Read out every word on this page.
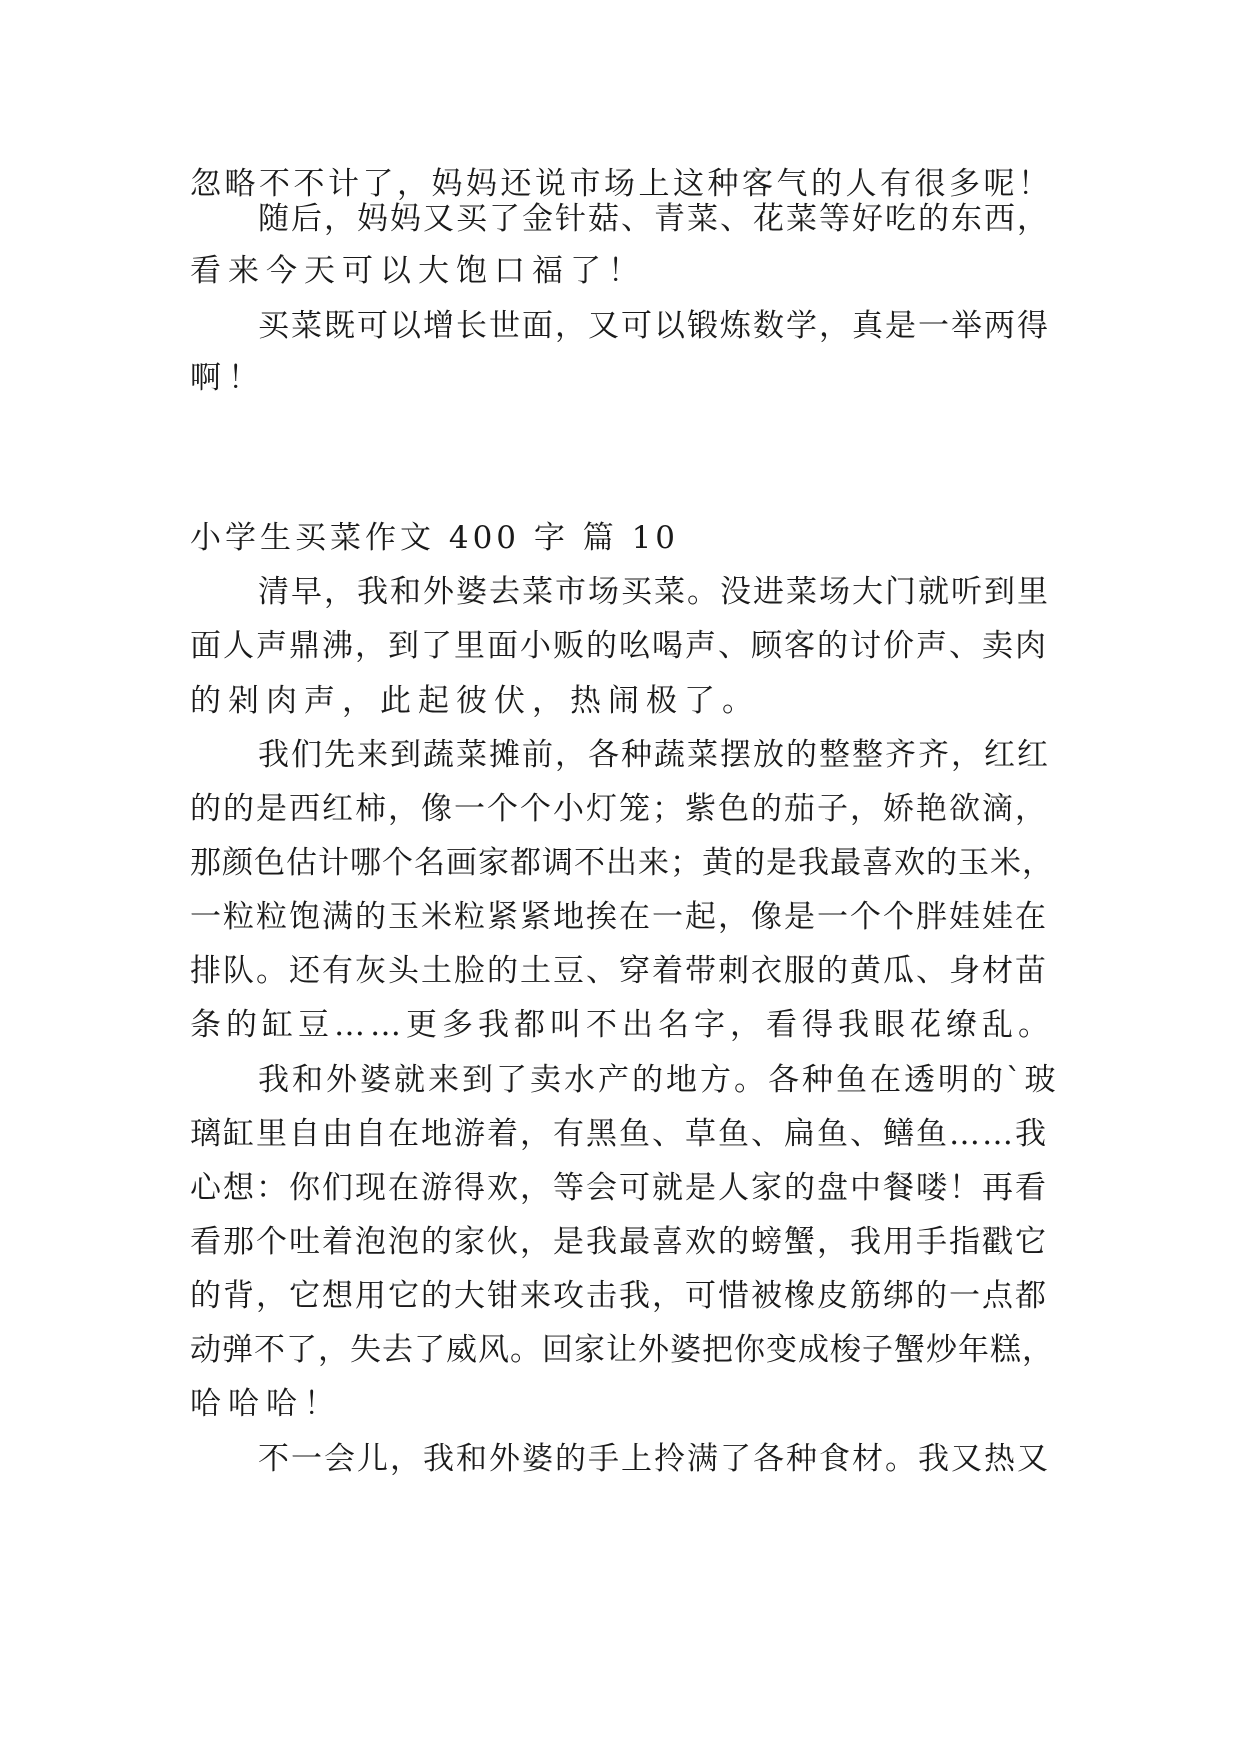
忽略不不计了，妈妈还说市场上这种客气的人有很多呢！
随后，妈妈又买了金针菇、青菜、花菜等好吃的东西，
看来今天可以大饱口福了！
买菜既可以增长世面，又可以锻炼数学，真是一举两得
啊！
小学生买菜作文 400 字 篇 10
清早，我和外婆去菜市场买菜。没进菜场大门就听到里
面人声鼎沸，到了里面小贩的吆喝声、顾客的讨价声、卖肉
的剁肉声，此起彼伏，热闹极了。
我们先来到蔬菜摊前，各种蔬菜摆放的整整齐齐，红红
的的是西红柿，像一个个小灯笼；紫色的茄子，娇艳欲滴，
那颜色估计哪个名画家都调不出来；黄的是我最喜欢的玉米，
一粒粒饱满的玉米粒紧紧地挨在一起，像是一个个胖娃娃在
排队。还有灰头土脸的土豆、穿着带刺衣服的黄瓜、身材苗
条的缸豆……更多我都叫不出名字，看得我眼花缭乱。
我和外婆就来到了卖水产的地方。各种鱼在透明的`玻
璃缸里自由自在地游着，有黑鱼、草鱼、扁鱼、鳝鱼……我
心想：你们现在游得欢，等会可就是人家的盘中餐喽！再看
看那个吐着泡泡的家伙，是我最喜欢的螃蟹，我用手指戳它
的背，它想用它的大钳来攻击我，可惜被橡皮筋绑的一点都
动弹不了，失去了威风。回家让外婆把你变成梭子蟹炒年糕，
哈哈哈！
不一会儿，我和外婆的手上拎满了各种食材。我又热又
